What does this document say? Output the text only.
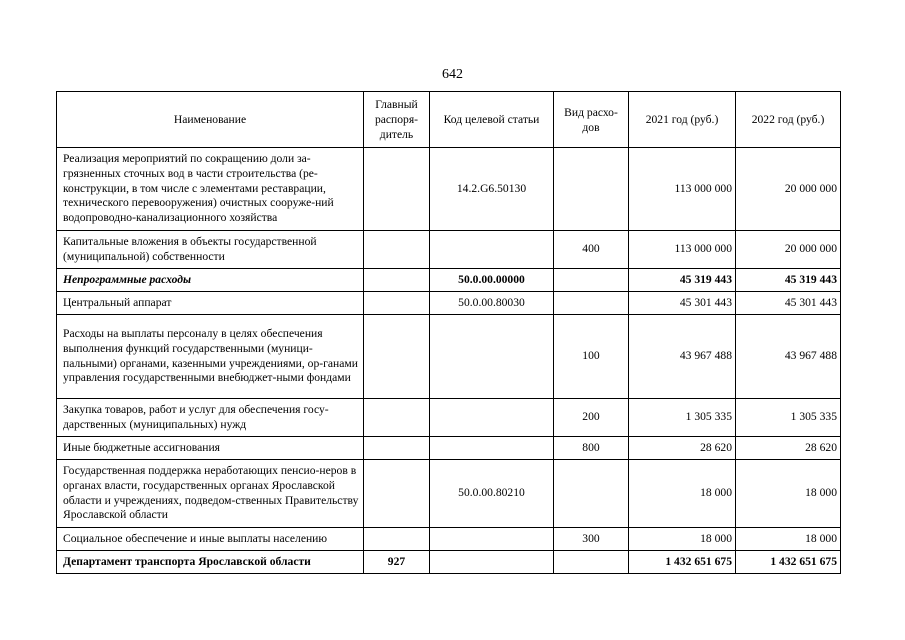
642
Наименование	Главный распоря-дитель	Код целевой статьи	Вид расхо-дов	2021 год (руб.)	2022 год (руб.)
Реализация мероприятий по сокращению доли за-грязненных сточных вод в части строительства (ре-конструкции, в том числе с элементами реставрации, технического перевооружения) очистных сооруже-ний водопроводно-канализационного хозяйства		14.2.G6.50130		113 000 000	20 000 000
Капитальные вложения в объекты государственной (муниципальной) собственности			400	113 000 000	20 000 000
Непрограммные расходы		50.0.00.00000		45 319 443	45 319 443
Центральный аппарат		50.0.00.80030		45 301 443	45 301 443
Расходы на выплаты персоналу в целях обеспечения выполнения функций государственными (муници-пальными) органами, казенными учреждениями, ор-ганами управления государственными внебюджет-ными фондами			100	43 967 488	43 967 488
Закупка товаров, работ и услуг для обеспечения госу-дарственных (муниципальных) нужд			200	1 305 335	1 305 335
Иные бюджетные ассигнования			800	28 620	28 620
Государственная поддержка неработающих пенсио-неров в органах власти, государственных органах Ярославской области и учреждениях, подведом-ственных Правительству Ярославской области		50.0.00.80210		18 000	18 000
Социальное обеспечение и иные выплаты населению			300	18 000	18 000
Департамент транспорта Ярославской области	927			1 432 651 675	1 432 651 675
